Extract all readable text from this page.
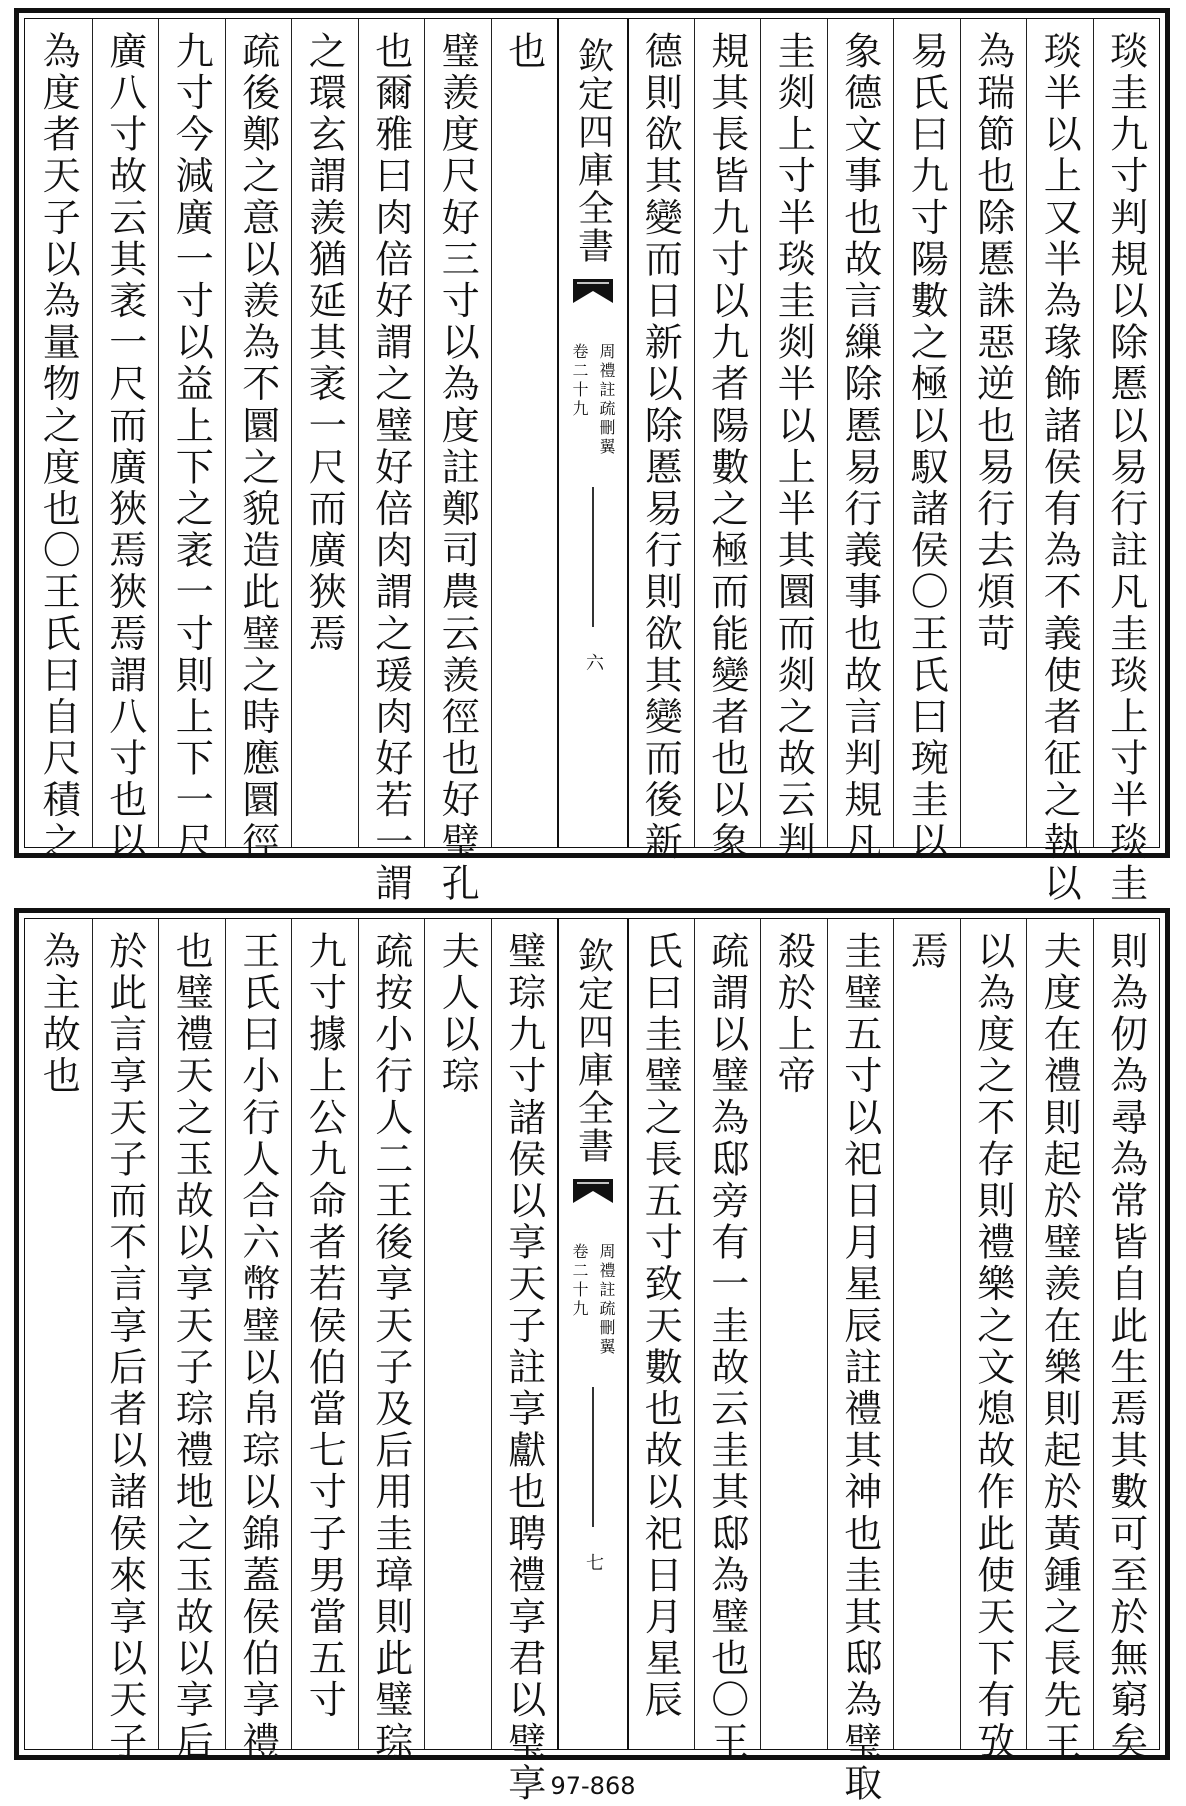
也
璧羨度尺好三寸以為度註鄭司農云羨徑也好璧孔
也爾雅曰肉倍好謂之璧好倍肉謂之瑗肉好若一謂
之環玄謂羨猶延其袤一尺而廣狹焉
疏後鄭之意以羨為不圜之貌造此璧之時應圜徑
九寸今減廣一寸以益上下之袤一寸則上下一尺
廣八寸故云其袤一尺而廣狹焉狹焉謂八寸也以
為度者天子以為量物之度也〇王氏曰自尺積之	欽定四庫全書
周禮註疏刪翼
卷二十九
六	琰圭九寸判規以除慝以易行註凡圭琰上寸半琰圭
琰半以上又半為瑑飾諸侯有為不義使者征之執以
為瑞節也除慝誅惡逆也易行去煩苛
易氏曰九寸陽數之極以馭諸侯〇王氏曰琬圭以
象德文事也故言繅除慝易行義事也故言判規凡
圭剡上寸半琰圭剡半以上半其圜而剡之故云判
規其長皆九寸以九者陽數之極而能變者也以象
德則欲其變而日新以除慝易行則欲其變而後新
璧琮九寸諸侯以享天子註享獻也聘禮享君以璧享
夫人以琮
疏按小行人二王後享天子及后用圭璋則此璧琮
九寸據上公九命者若侯伯當七寸子男當五寸
王氏曰小行人合六幣璧以帛琮以錦蓋侯伯享禮
也璧禮天之玉故以享天子琮禮地之玉故以享后
於此言享天子而不言享后者以諸侯來享以天子
為主故也	欽定四庫全書
周禮註疏刪翼
卷二十九
七	則為仞為尋為常皆自此生焉其數可至於無窮矣
夫度在禮則起於璧羨在樂則起於黃鍾之長先王
以為度之不存則禮樂之文熄故作此使天下有攷
焉
圭璧五寸以祀日月星辰註禮其神也圭其邸為璧取
殺於上帝
疏謂以璧為邸旁有一圭故云圭其邸為璧也〇王
氏曰圭璧之長五寸致天數也故以祀日月星辰
97-868
